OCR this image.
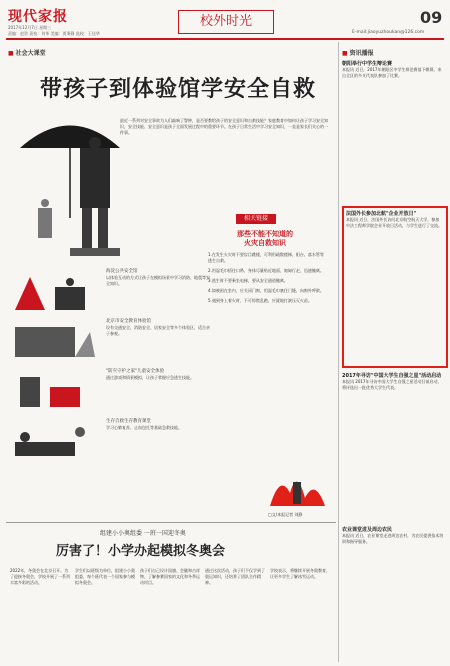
现代家报
2017年12月7日 星期三
责编：赵贺 责校：刘华 美编：贾秉静 监校：王佳华
校外时光	09
E-mail:jiaoyuzhoukan@126.com
■ 社会大课堂
带孩子到体验馆学安全自救
最近一系列对安全事故为人们敲响了警钟，是否要教给孩子的安全意识和自救技能？家庭教育中如何让孩子学习安全知识，安全技能、安全意识是孩子全面发展过程中的重要环节。在孩子日常生活中学习安全知识，一直是家长们关心的一件事。
海淀公共安全馆
以体验互动的方式让孩子在模拟场景中学习消防、地震等安全知识。
北京市安全教育体验馆
设有交通安全、消防安全、居家安全等多个体验区，适合亲子参观。
"防灾守护之家"儿童安全体验
通过游戏和情景模拟，让孩子掌握应急逃生技能。
生存自救生存教育课堂
学习心肺复苏、止血包扎等基础急救技能。
相关链接
那些不能不知道的
火灾自救知识
1.在发生火灾时不要盲目跳楼，可利用疏散楼梯、阳台、落水管等逃生自救。
2.用湿毛巾捂住口鼻，身体尽量贴近地面，匍匐行走，迅速撤离。
3.逃生时不要乘坐电梯，要从安全通道撤离。
4.如被困在室内，应关闭门窗，用湿毛巾塞住门缝，向窗外呼救。
5.遇到身上着火时，不可惊慌乱跑，应就地打滚压灭火苗。
□文/本报记者 刘静
组建小小奥组委 一班一国迎冬奥
厉害了！小学办起模拟冬奥会
2022年，冬奥会在北京召开。为了迎接冬奥会，学校开展了一系列丰富多彩的活动。
学生们以班级为单位，组建小小奥组委，每个班代表一个国家参与模拟冬奥会。
孩子们自己设计国旗、会徽和吉祥物，了解参赛国家的文化和冬季运动项目。
通过这次活动，孩子们不仅学到了奥运知识，还培养了团队合作精神。
学校表示，将继续开展冬奥教育，让更多学生了解冰雪运动。
■ 资讯播报
朝阳举行中学生辩论赛
本报讯 近日，2017年朝阳区中学生辩论赛落下帷幕，来自全区的多支代表队参加了比赛。
法国外长参加北航"企业开放日"
本报讯 近日，法国外长访问北京航空航天大学，参加中法工程师学院企业开放日活动，与学生进行了交流。
2017年寻访"中国大学生自强之星"活动启动
本报讯 2017年寻访中国大学生自强之星活动日前启动，将评选出一批优秀大学生代表。
农业课堂进及周边农民
本报讯 近日，农业课堂走进周边农村，为农民提供技术培训和指导服务。
